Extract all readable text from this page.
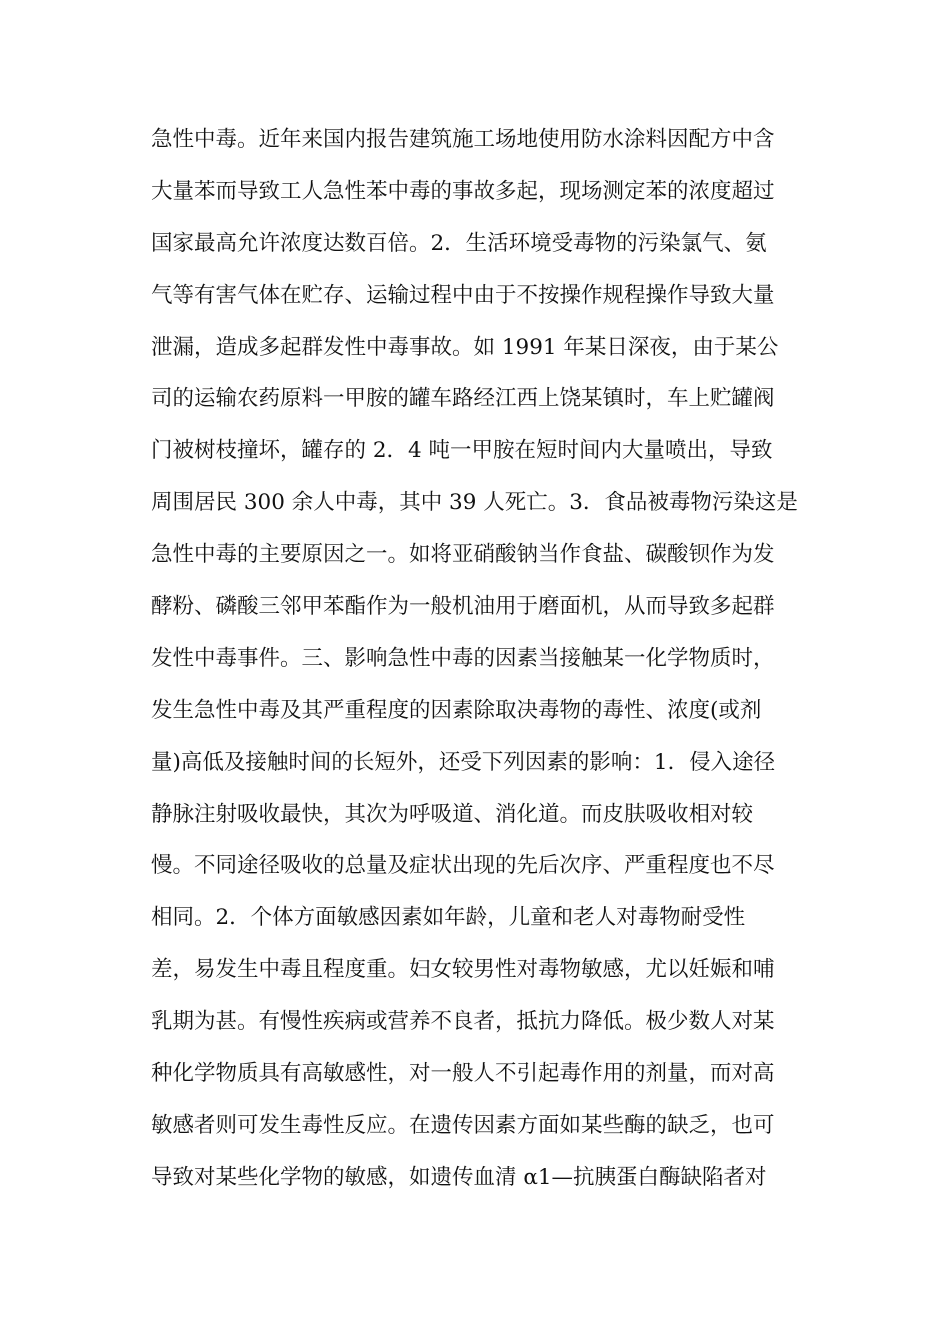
急性中毒。近年来国内报告建筑施工场地使用防水涂料因配方中含
大量苯而导致工人急性苯中毒的事故多起，现场测定苯的浓度超过
国家最高允许浓度达数百倍。2．生活环境受毒物的污染氯气、氨
气等有害气体在贮存、运输过程中由于不按操作规程操作导致大量
泄漏，造成多起群发性中毒事故。如 1991 年某日深夜，由于某公
司的运输农药原料一甲胺的罐车路经江西上饶某镇时，车上贮罐阀
门被树枝撞坏，罐存的 2．4 吨一甲胺在短时间内大量喷出，导致
周围居民 300 余人中毒，其中 39 人死亡。3．食品被毒物污染这是
急性中毒的主要原因之一。如将亚硝酸钠当作食盐、碳酸钡作为发
酵粉、磷酸三邻甲苯酯作为一般机油用于磨面机，从而导致多起群
发性中毒事件。三、影响急性中毒的因素当接触某一化学物质时，
发生急性中毒及其严重程度的因素除取决毒物的毒性、浓度(或剂
量)高低及接触时间的长短外，还受下列因素的影响：1．侵入途径
静脉注射吸收最快，其次为呼吸道、消化道。而皮肤吸收相对较
慢。不同途径吸收的总量及症状出现的先后次序、严重程度也不尽
相同。2．个体方面敏感因素如年龄，儿童和老人对毒物耐受性
差，易发生中毒且程度重。妇女较男性对毒物敏感，尤以妊娠和哺
乳期为甚。有慢性疾病或营养不良者，抵抗力降低。极少数人对某
种化学物质具有高敏感性，对一般人不引起毒作用的剂量，而对高
敏感者则可发生毒性反应。在遗传因素方面如某些酶的缺乏，也可
导致对某些化学物的敏感，如遗传血清 α1—抗胰蛋白酶缺陷者对
